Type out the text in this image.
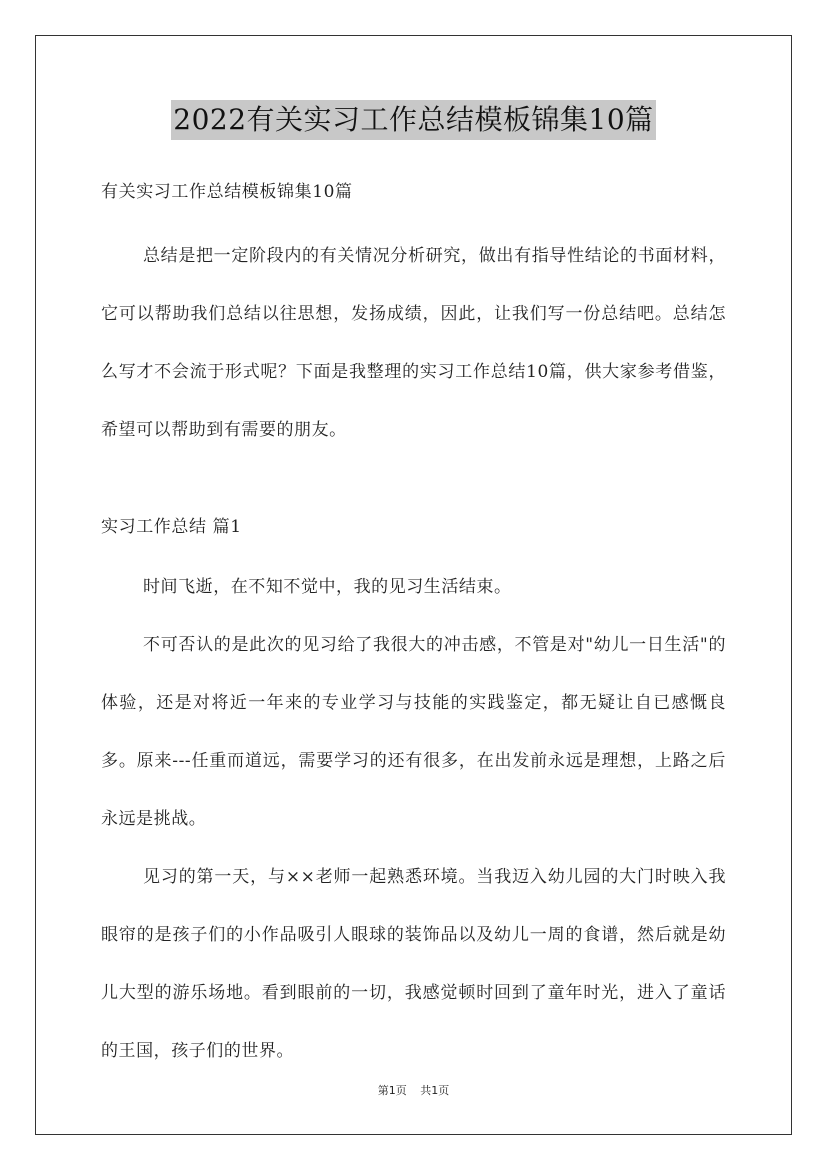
2022有关实习工作总结模板锦集10篇

有关实习工作总结模板锦集10篇

总结是把一定阶段内的有关情况分析研究，做出有指导性结论的书面材料，它可以帮助我们总结以往思想，发扬成绩，因此，让我们写一份总结吧。总结怎么写才不会流于形式呢？下面是我整理的实习工作总结10篇，供大家参考借鉴，希望可以帮助到有需要的朋友。

实习工作总结 篇1

时间飞逝，在不知不觉中，我的见习生活结束。

不可否认的是此次的见习给了我很大的冲击感，不管是对"幼儿一日生活"的体验，还是对将近一年来的专业学习与技能的实践鉴定，都无疑让自已感慨良多。原来---任重而道远，需要学习的还有很多，在出发前永远是理想，上路之后永远是挑战。

见习的第一天，与××老师一起熟悉环境。当我迈入幼儿园的大门时映入我眼帘的是孩子们的小作品吸引人眼球的装饰品以及幼儿一周的食谱，然后就是幼儿大型的游乐场地。看到眼前的一切，我感觉顿时回到了童年时光，进入了童话的王国，孩子们的世界。

第1页 共1页
